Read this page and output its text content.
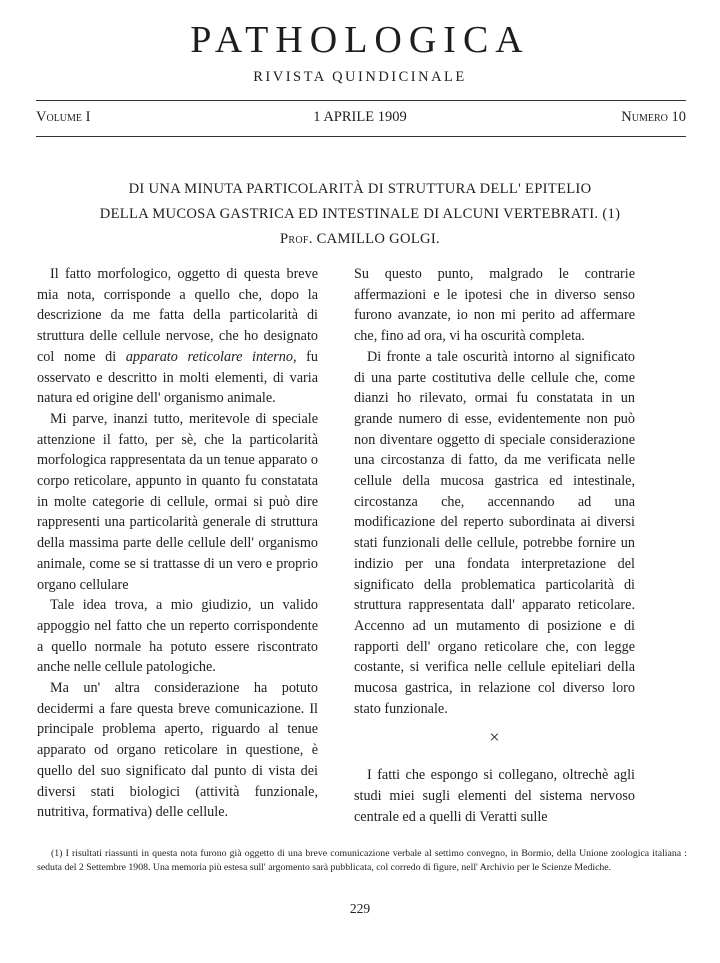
PATHOLOGICA
RIVISTA QUINDICINALE
Volume I	1 APRILE 1909	Numero 10
DI UNA MINUTA PARTICOLARITÀ DI STRUTTURA DELL' EPITELIO
DELLA MUCOSA GASTRICA ED INTESTINALE DI ALCUNI VERTEBRATI. (1)
Prof. CAMILLO GOLGI.

Il fatto morfologico, oggetto di questa breve mia nota, corrisponde a quello che, dopo la descrizione da me fatta della particolarità di struttura delle cellule nervose, che ho designato col nome di apparato reticolare interno, fu osservato e descritto in molti elementi, di varia natura ed origine dell' organismo animale.

Mi parve, inanzi tutto, meritevole di speciale attenzione il fatto, per sè, che la particolarità morfologica rappresentata da un tenue apparato o corpo reticolare, appunto in quanto fu constatata in molte categorie di cellule, ormai si può dire rappresenti una particolarità generale di struttura della massima parte delle cellule dell' organismo animale, come se si trattasse di un vero e proprio organo cellulare

Tale idea trova, a mio giudizio, un valido appoggio nel fatto che un reperto corrispondente a quello normale ha potuto essere riscontrato anche nelle cellule patologiche.

Ma un' altra considerazione ha potuto decidermi a fare questa breve comunicazione. Il principale problema aperto, riguardo al tenue apparato od organo reticolare in questione, è quello del suo significato dal punto di vista dei diversi stati biologici (attività funzionale, nutritiva, formativa) delle cellule.

Su questo punto, malgrado le contrarie affermazioni e le ipotesi che in diverso senso furono avanzate, io non mi perito ad affermare che, fino ad ora, vi ha oscurità completa.

Di fronte a tale oscurità intorno al significato di una parte costitutiva delle cellule che, come dianzi ho rilevato, ormai fu constatata in un grande numero di esse, evidentemente non può non diventare oggetto di speciale considerazione una circostanza di fatto, da me verificata nelle cellule della mucosa gastrica ed intestinale, circostanza che, accennando ad una modificazione del reperto subordinata ai diversi stati funzionali delle cellule, potrebbe fornire un indizio per una fondata interpretazione del significato della problematica particolarità di struttura rappresentata dall' apparato reticolare. Accenno ad un mutamento di posizione e di rapporti dell' organo reticolare che, con legge costante, si verifica nelle cellule epiteliari della mucosa gastrica, in relazione col diverso loro stato funzionale.

×

I fatti che espongo si collegano, oltrechè agli studi miei sugli elementi del sistema nervoso centrale ed a quelli di Veratti sulle

(1) I risultati riassunti in questa nota furono già oggetto di una breve comunicazione verbale al settimo convegno, in Bormio, della Unione zoologica italiana : seduta del 2 Settembre 1908. Una memoria più estesa sull' argomento sarà pubblicata, col corredo di figure, nell' Archivio per le Scienze Mediche.
229
